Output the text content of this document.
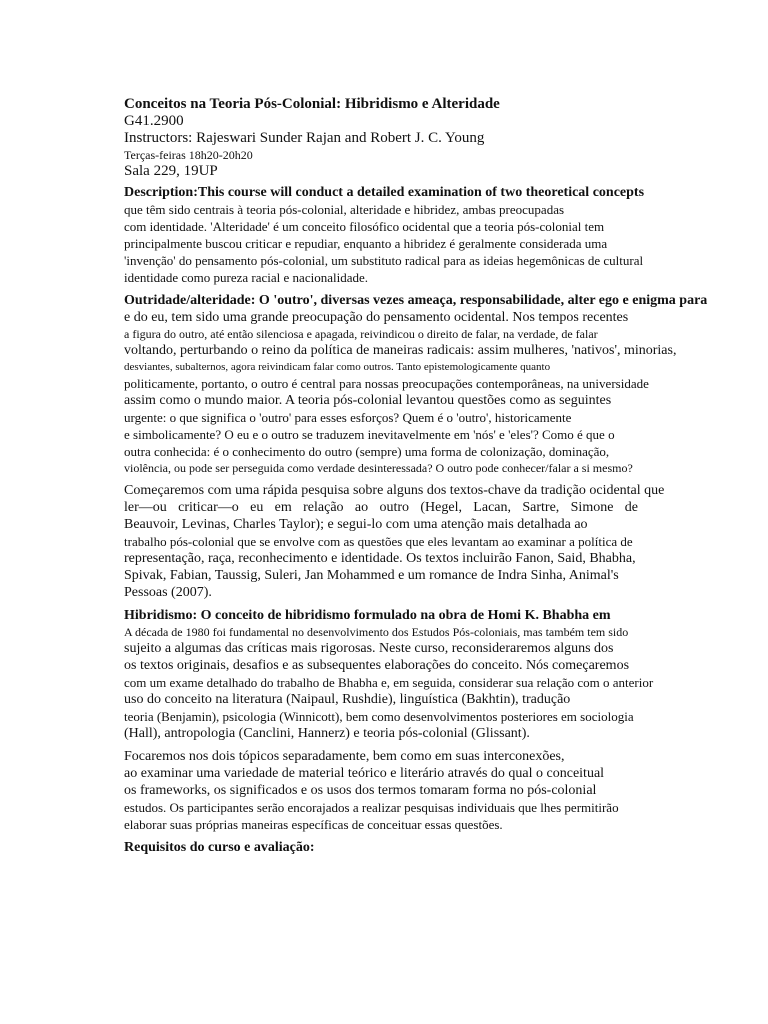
Conceitos na Teoria Pós-Colonial: Hibridismo e Alteridade
G41.2900
Instructors: Rajeswari Sunder Rajan and Robert J. C. Young
Terças-feiras 18h20-20h20
Sala 229, 19UP
Description:This course will conduct a detailed examination of two theoretical concepts
que têm sido centrais à teoria pós-colonial, alteridade e hibridez, ambas preocupadas
com identidade. 'Alteridade' é um conceito filosófico ocidental que a teoria pós-colonial tem
principalmente buscou criticar e repudiar, enquanto a hibridez é geralmente considerada uma
'invenção' do pensamento pós-colonial, um substituto radical para as ideias hegemônicas de cultural
identidade como pureza racial e nacionalidade.
Outridade/alteridade: O 'outro', diversas vezes ameaça, responsabilidade, alter ego e enigma para
e do eu, tem sido uma grande preocupação do pensamento ocidental. Nos tempos recentes
a figura do outro, até então silenciosa e apagada, reivindicou o direito de falar, na verdade, de falar
voltando, perturbando o reino da política de maneiras radicais: assim mulheres, 'nativos', minorias,
desviantes, subalternos, agora reivindicam falar como outros. Tanto epistemologicamente quanto
politicamente, portanto, o outro é central para nossas preocupações contemporâneas, na universidade
assim como o mundo maior. A teoria pós-colonial levantou questões como as seguintes
urgente: o que significa o 'outro' para esses esforços? Quem é o 'outro', historicamente
e simbolicamente? O eu e o outro se traduzem inevitavelmente em 'nós' e 'eles'? Como é que o
outra conhecida: é o conhecimento do outro (sempre) uma forma de colonização, dominação,
violência, ou pode ser perseguida como verdade desinteressada? O outro pode conhecer/falar a si mesmo?
Começaremos com uma rápida pesquisa sobre alguns dos textos-chave da tradição ocidental que
ler—ou criticar—o eu em relação ao outro (Hegel, Lacan, Sartre, Simone de
Beauvoir, Levinas, Charles Taylor); e segui-lo com uma atenção mais detalhada ao
trabalho pós-colonial que se envolve com as questões que eles levantam ao examinar a política de
representação, raça, reconhecimento e identidade. Os textos incluirão Fanon, Said, Bhabha,
Spivak, Fabian, Taussig, Suleri, Jan Mohammed e um romance de Indra Sinha, Animal's
Pessoas (2007).
Hibridismo: O conceito de hibridismo formulado na obra de Homi K. Bhabha em
A década de 1980 foi fundamental no desenvolvimento dos Estudos Pós-coloniais, mas também tem sido
sujeito a algumas das críticas mais rigorosas. Neste curso, reconsideraremos alguns dos
os textos originais, desafios e as subsequentes elaborações do conceito. Nós começaremos
com um exame detalhado do trabalho de Bhabha e, em seguida, considerar sua relação com o anterior
uso do conceito na literatura (Naipaul, Rushdie), linguística (Bakhtin), tradução
teoria (Benjamin), psicologia (Winnicott), bem como desenvolvimentos posteriores em sociologia
(Hall), antropologia (Canclini, Hannerz) e teoria pós-colonial (Glissant).
Focaremos nos dois tópicos separadamente, bem como em suas interconexões,
ao examinar uma variedade de material teórico e literário através do qual o conceitual
os frameworks, os significados e os usos dos termos tomaram forma no pós-colonial
estudos. Os participantes serão encorajados a realizar pesquisas individuais que lhes permitirão
elaborar suas próprias maneiras específicas de conceituar essas questões.
Requisitos do curso e avaliação:
